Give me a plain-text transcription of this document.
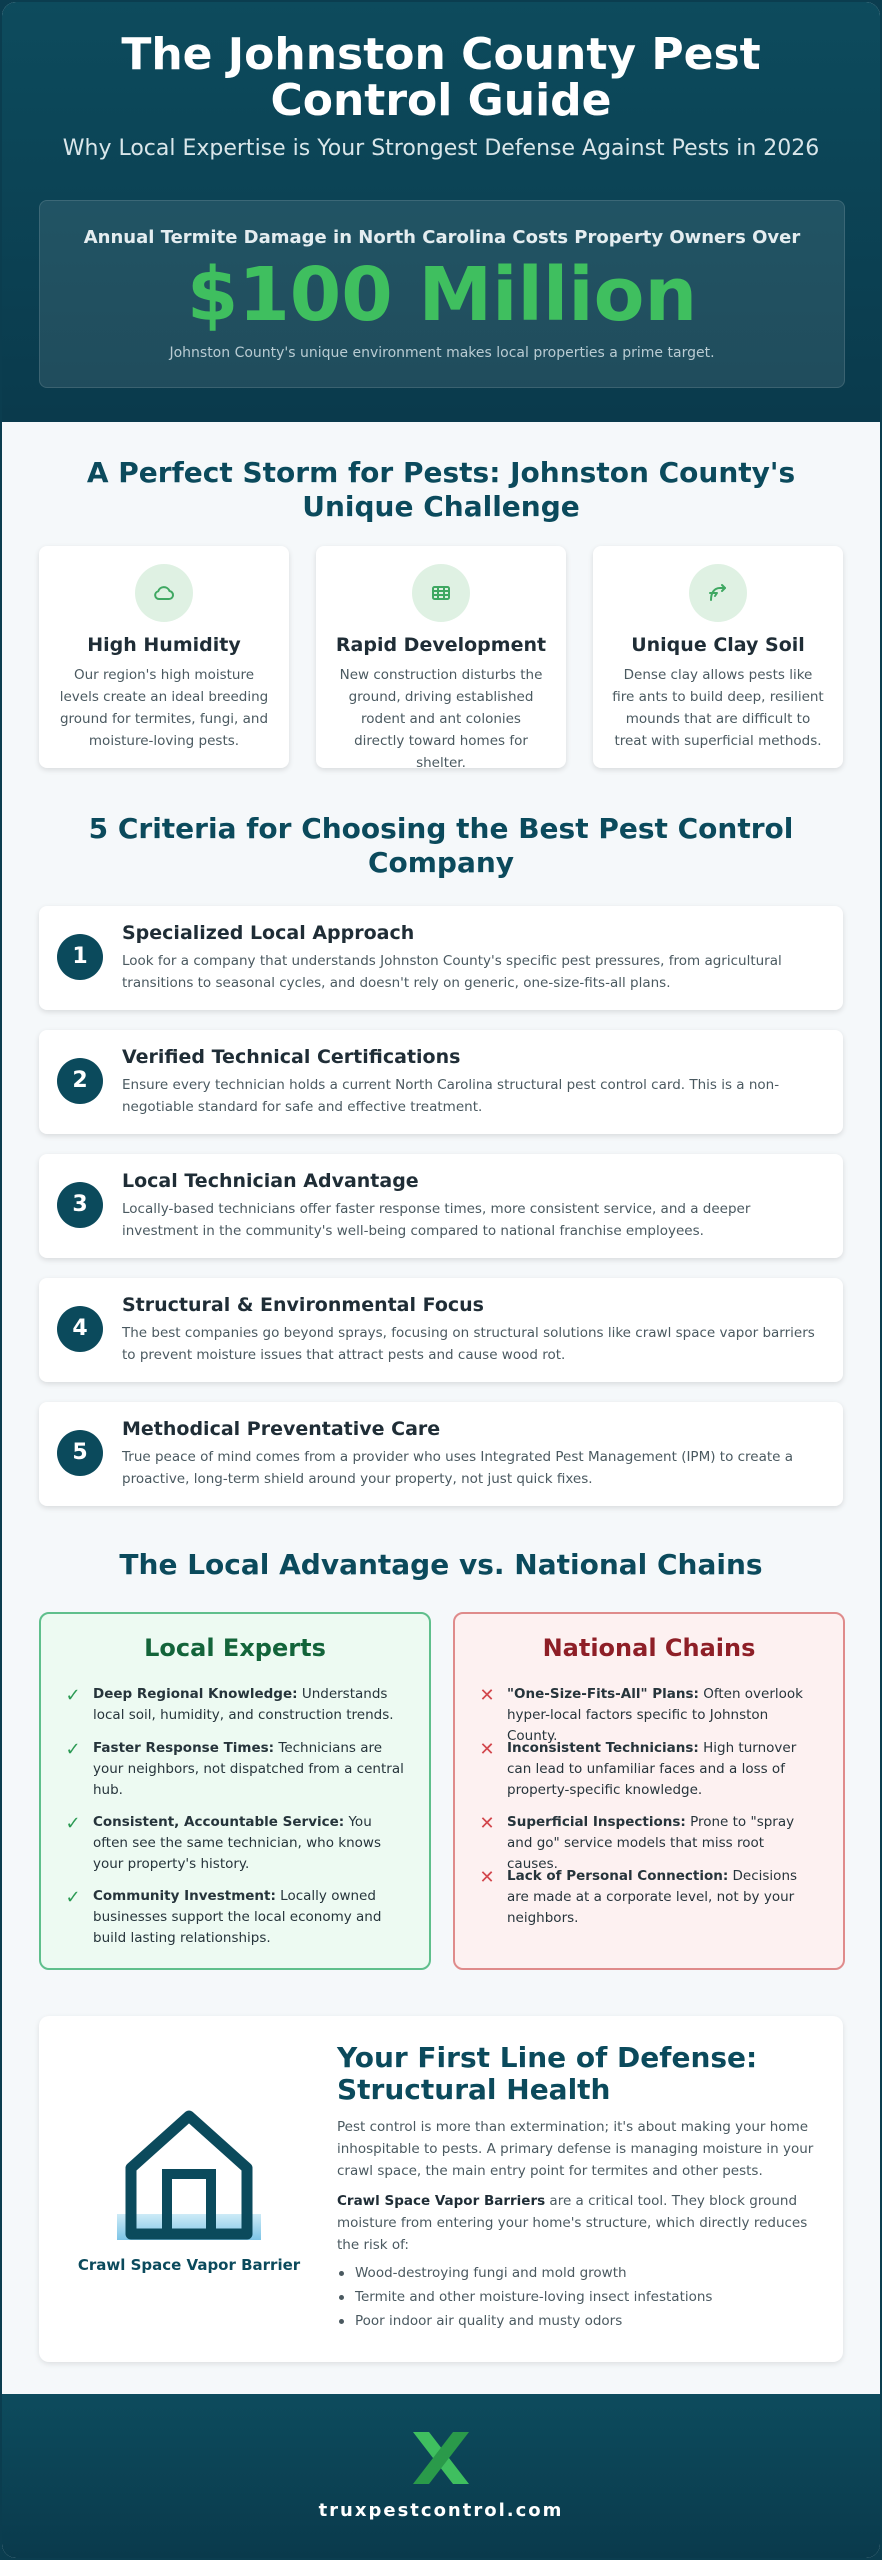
The Johnston County Pest Control Guide
Why Local Expertise is Your Strongest Defense Against Pests in 2026
Annual Termite Damage in North Carolina Costs Property Owners Over
$100 Million
Johnston County's unique environment makes local properties a prime target.
A Perfect Storm for Pests: Johnston County's Unique Challenge
High Humidity
Our region's high moisture levels create an ideal breeding ground for termites, fungi, and moisture-loving pests.
Rapid Development
New construction disturbs the ground, driving established rodent and ant colonies directly toward homes for shelter.
Unique Clay Soil
Dense clay allows pests like fire ants to build deep, resilient mounds that are difficult to treat with superficial methods.
5 Criteria for Choosing the Best Pest Control Company
1
Specialized Local Approach
Look for a company that understands Johnston County's specific pest pressures, from agricultural transitions to seasonal cycles, and doesn't rely on generic, one-size-fits-all plans.
2
Verified Technical Certifications
Ensure every technician holds a current North Carolina structural pest control card. This is a non-negotiable standard for safe and effective treatment.
3
Local Technician Advantage
Locally-based technicians offer faster response times, more consistent service, and a deeper investment in the community's well-being compared to national franchise employees.
4
Structural & Environmental Focus
The best companies go beyond sprays, focusing on structural solutions like crawl space vapor barriers to prevent moisture issues that attract pests and cause wood rot.
5
Methodical Preventative Care
True peace of mind comes from a provider who uses Integrated Pest Management (IPM) to create a proactive, long-term shield around your property, not just quick fixes.
The Local Advantage vs. National Chains
Local Experts
✓ Deep Regional Knowledge: Understands local soil, humidity, and construction trends.
✓ Faster Response Times: Technicians are your neighbors, not dispatched from a central hub.
✓ Consistent, Accountable Service: You often see the same technician, who knows your property's history.
✓ Community Investment: Locally owned businesses support the local economy and build lasting relationships.
National Chains
✕ "One-Size-Fits-All" Plans: Often overlook hyper-local factors specific to Johnston County.
✕ Inconsistent Technicians: High turnover can lead to unfamiliar faces and a loss of property-specific knowledge.
✕ Superficial Inspections: Prone to "spray and go" service models that miss root causes.
✕ Lack of Personal Connection: Decisions are made at a corporate level, not by your neighbors.
Crawl Space Vapor Barrier
Your First Line of Defense: Structural Health
Pest control is more than extermination; it's about making your home inhospitable to pests. A primary defense is managing moisture in your crawl space, the main entry point for termites and other pests.
Crawl Space Vapor Barriers are a critical tool. They block ground moisture from entering your home's structure, which directly reduces the risk of:
Wood-destroying fungi and mold growth
Termite and other moisture-loving insect infestations
Poor indoor air quality and musty odors
truxpestcontrol.com
